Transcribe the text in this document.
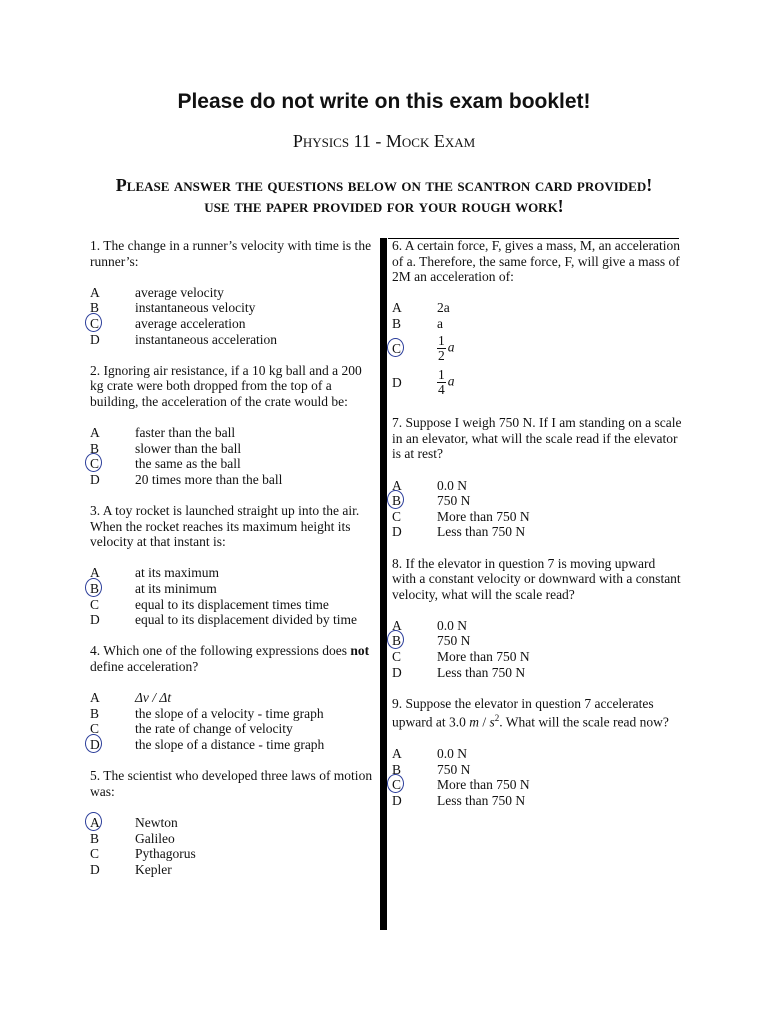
Please do not write on this exam booklet!
Physics 11 - Mock Exam
Please answer the questions below on the scantron card provided!
use the paper provided for your rough work!

1. The change in a runner’s velocity with time is the runner’s:

A	average velocity
B	instantaneous velocity
C	average acceleration
D	instantaneous acceleration

2. Ignoring air resistance, if a 10 kg ball and a 200 kg crate were both dropped from the top of a building, the acceleration of the crate would be:

A	faster than the ball
B	slower than the ball
C	the same as the ball
D	20 times more than the ball

3. A toy rocket is launched straight up into the air. When the rocket reaches its maximum height its velocity at that instant is:

A	at its maximum
B	at its minimum
C	equal to its displacement times time
D	equal to its displacement divided by time

4. Which one of the following expressions does not define acceleration?

A	Δv / Δt
B	the slope of a velocity - time graph
C	the rate of change of velocity
D	the slope of a distance - time graph

5. The scientist who developed three laws of motion was:

A	Newton
B	Galileo
C	Pythagorus
D	Kepler

6. A certain force, F, gives a mass, M, an acceleration of a. Therefore, the same force, F, will give a mass of 2M an acceleration of:

A	2a
B	a
C	$\frac{1}{2}$ a
D	$\frac{1}{4}$ a

7. Suppose I weigh 750 N. If I am standing on a scale in an elevator, what will the scale read if the elevator is at rest?

A	0.0 N
B	750 N
C	More than 750 N
D	Less than 750 N

8. If the elevator in question 7 is moving upward with a constant velocity or downward with a constant velocity, what will the scale read?

A	0.0 N
B	750 N
C	More than 750 N
D	Less than 750 N

9. Suppose the elevator in question 7 accelerates upward at 3.0 m / $s^2$. What will the scale read now?

A	0.0 N
B	750 N
C	More than 750 N
D	Less than 750 N
